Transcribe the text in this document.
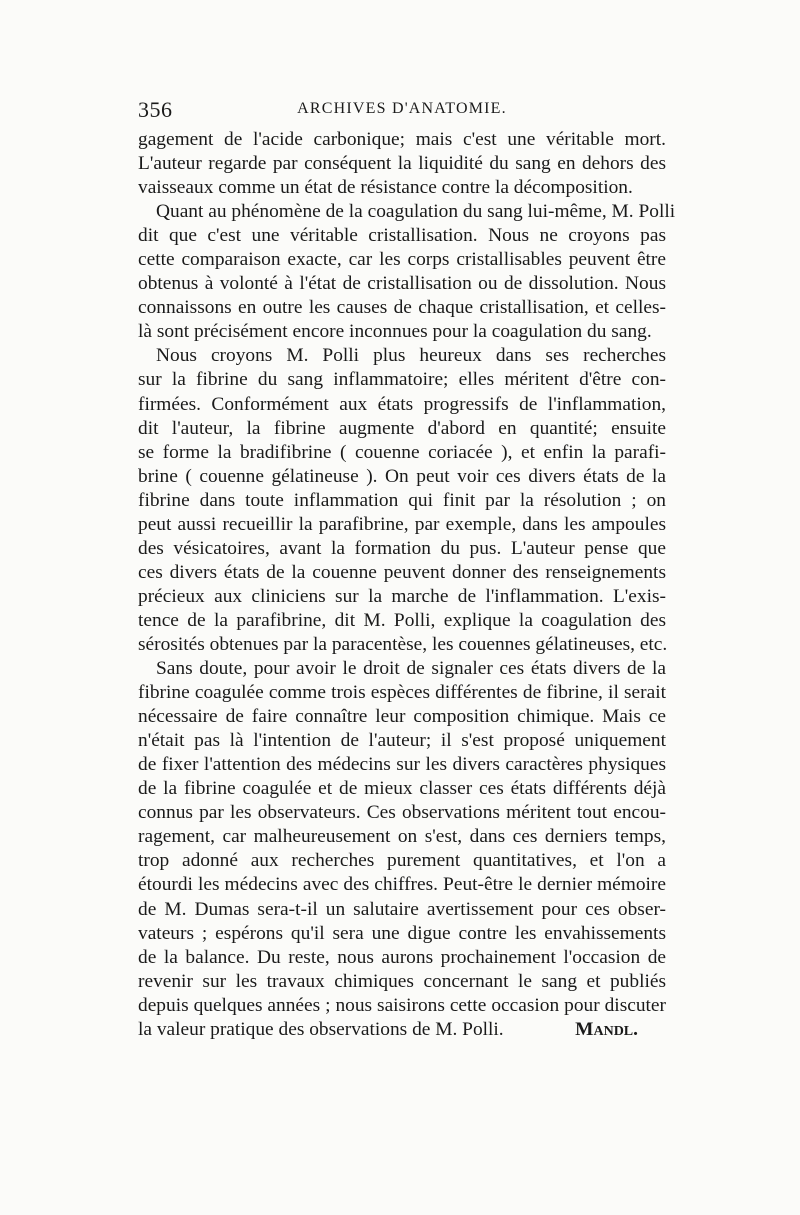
356	ARCHIVES D'ANATOMIE.
gagement de l'acide carbonique; mais c'est une véritable mort.
L'auteur regarde par conséquent la liquidité du sang en dehors des
vaisseaux comme un état de résistance contre la décomposition.
Quant au phénomène de la coagulation du sang lui-même, M. Polli
dit que c'est une véritable cristallisation. Nous ne croyons pas
cette comparaison exacte, car les corps cristallisables peuvent être
obtenus à volonté à l'état de cristallisation ou de dissolution. Nous
connaissons en outre les causes de chaque cristallisation, et celles-
là sont précisément encore inconnues pour la coagulation du sang.
Nous croyons M. Polli plus heureux dans ses recherches
sur la fibrine du sang inflammatoire; elles méritent d'être con-
firmées. Conformément aux états progressifs de l'inflammation,
dit l'auteur, la fibrine augmente d'abord en quantité; ensuite
se forme la bradifibrine ( couenne coriacée ), et enfin la parafi-
brine ( couenne gélatineuse ). On peut voir ces divers états de la
fibrine dans toute inflammation qui finit par la résolution ; on
peut aussi recueillir la parafibrine, par exemple, dans les ampoules
des vésicatoires, avant la formation du pus. L'auteur pense que
ces divers états de la couenne peuvent donner des renseignements
précieux aux cliniciens sur la marche de l'inflammation. L'exis-
tence de la parafibrine, dit M. Polli, explique la coagulation des
sérosités obtenues par la paracentèse, les couennes gélatineuses, etc.
Sans doute, pour avoir le droit de signaler ces états divers de la
fibrine coagulée comme trois espèces différentes de fibrine, il serait
nécessaire de faire connaître leur composition chimique. Mais ce
n'était pas là l'intention de l'auteur; il s'est proposé uniquement
de fixer l'attention des médecins sur les divers caractères physiques
de la fibrine coagulée et de mieux classer ces états différents déjà
connus par les observateurs. Ces observations méritent tout encou-
ragement, car malheureusement on s'est, dans ces derniers temps,
trop adonné aux recherches purement quantitatives, et l'on a
étourdi les médecins avec des chiffres. Peut-être le dernier mémoire
de M. Dumas sera-t-il un salutaire avertissement pour ces obser-
vateurs ; espérons qu'il sera une digue contre les envahissements
de la balance. Du reste, nous aurons prochainement l'occasion de
revenir sur les travaux chimiques concernant le sang et publiés
depuis quelques années ; nous saisirons cette occasion pour discuter
la valeur pratique des observations de M. Polli.	Mandl.
